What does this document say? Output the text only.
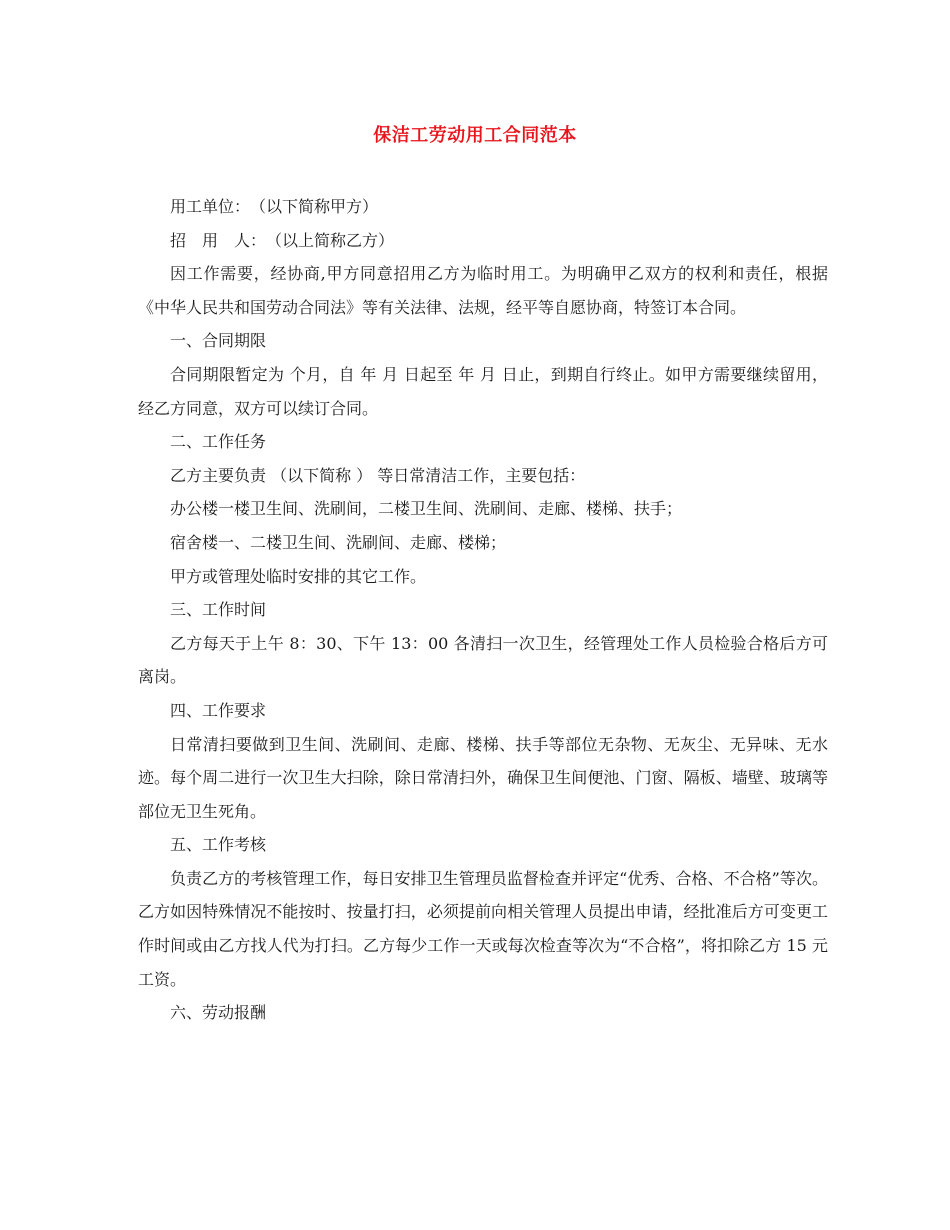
保洁工劳动用工合同范本

用工单位：　（以下简称甲方）

招　用　人：　（以上简称乙方）

因工作需要，经协商,甲方同意招用乙方为临时用工。为明确甲乙双方的权利和责任，根据《中华人民共和国劳动合同法》等有关法律、法规，经平等自愿协商，特签订本合同。

一、合同期限

合同期限暂定为 个月，自 年 月 日起至 年 月 日止，到期自行终止。如甲方需要继续留用，经乙方同意，双方可以续订合同。

二、工作任务

乙方主要负责 （以下简称 ） 等日常清洁工作，主要包括：

办公楼一楼卫生间、洗刷间，二楼卫生间、洗刷间、走廊、楼梯、扶手；

宿舍楼一、二楼卫生间、洗刷间、走廊、楼梯；

甲方或管理处临时安排的其它工作。

三、工作时间

乙方每天于上午 8：30、下午 13：00 各清扫一次卫生，经管理处工作人员检验合格后方可离岗。

四、工作要求

日常清扫要做到卫生间、洗刷间、走廊、楼梯、扶手等部位无杂物、无灰尘、无异味、无水迹。每个周二进行一次卫生大扫除，除日常清扫外，确保卫生间便池、门窗、隔板、墙壁、玻璃等部位无卫生死角。

五、工作考核

负责乙方的考核管理工作，每日安排卫生管理员监督检查并评定“优秀、合格、不合格”等次。乙方如因特殊情况不能按时、按量打扫，必须提前向相关管理人员提出申请，经批准后方可变更工作时间或由乙方找人代为打扫。乙方每少工作一天或每次检查等次为“不合格”，将扣除乙方 15 元工资。

六、劳动报酬
